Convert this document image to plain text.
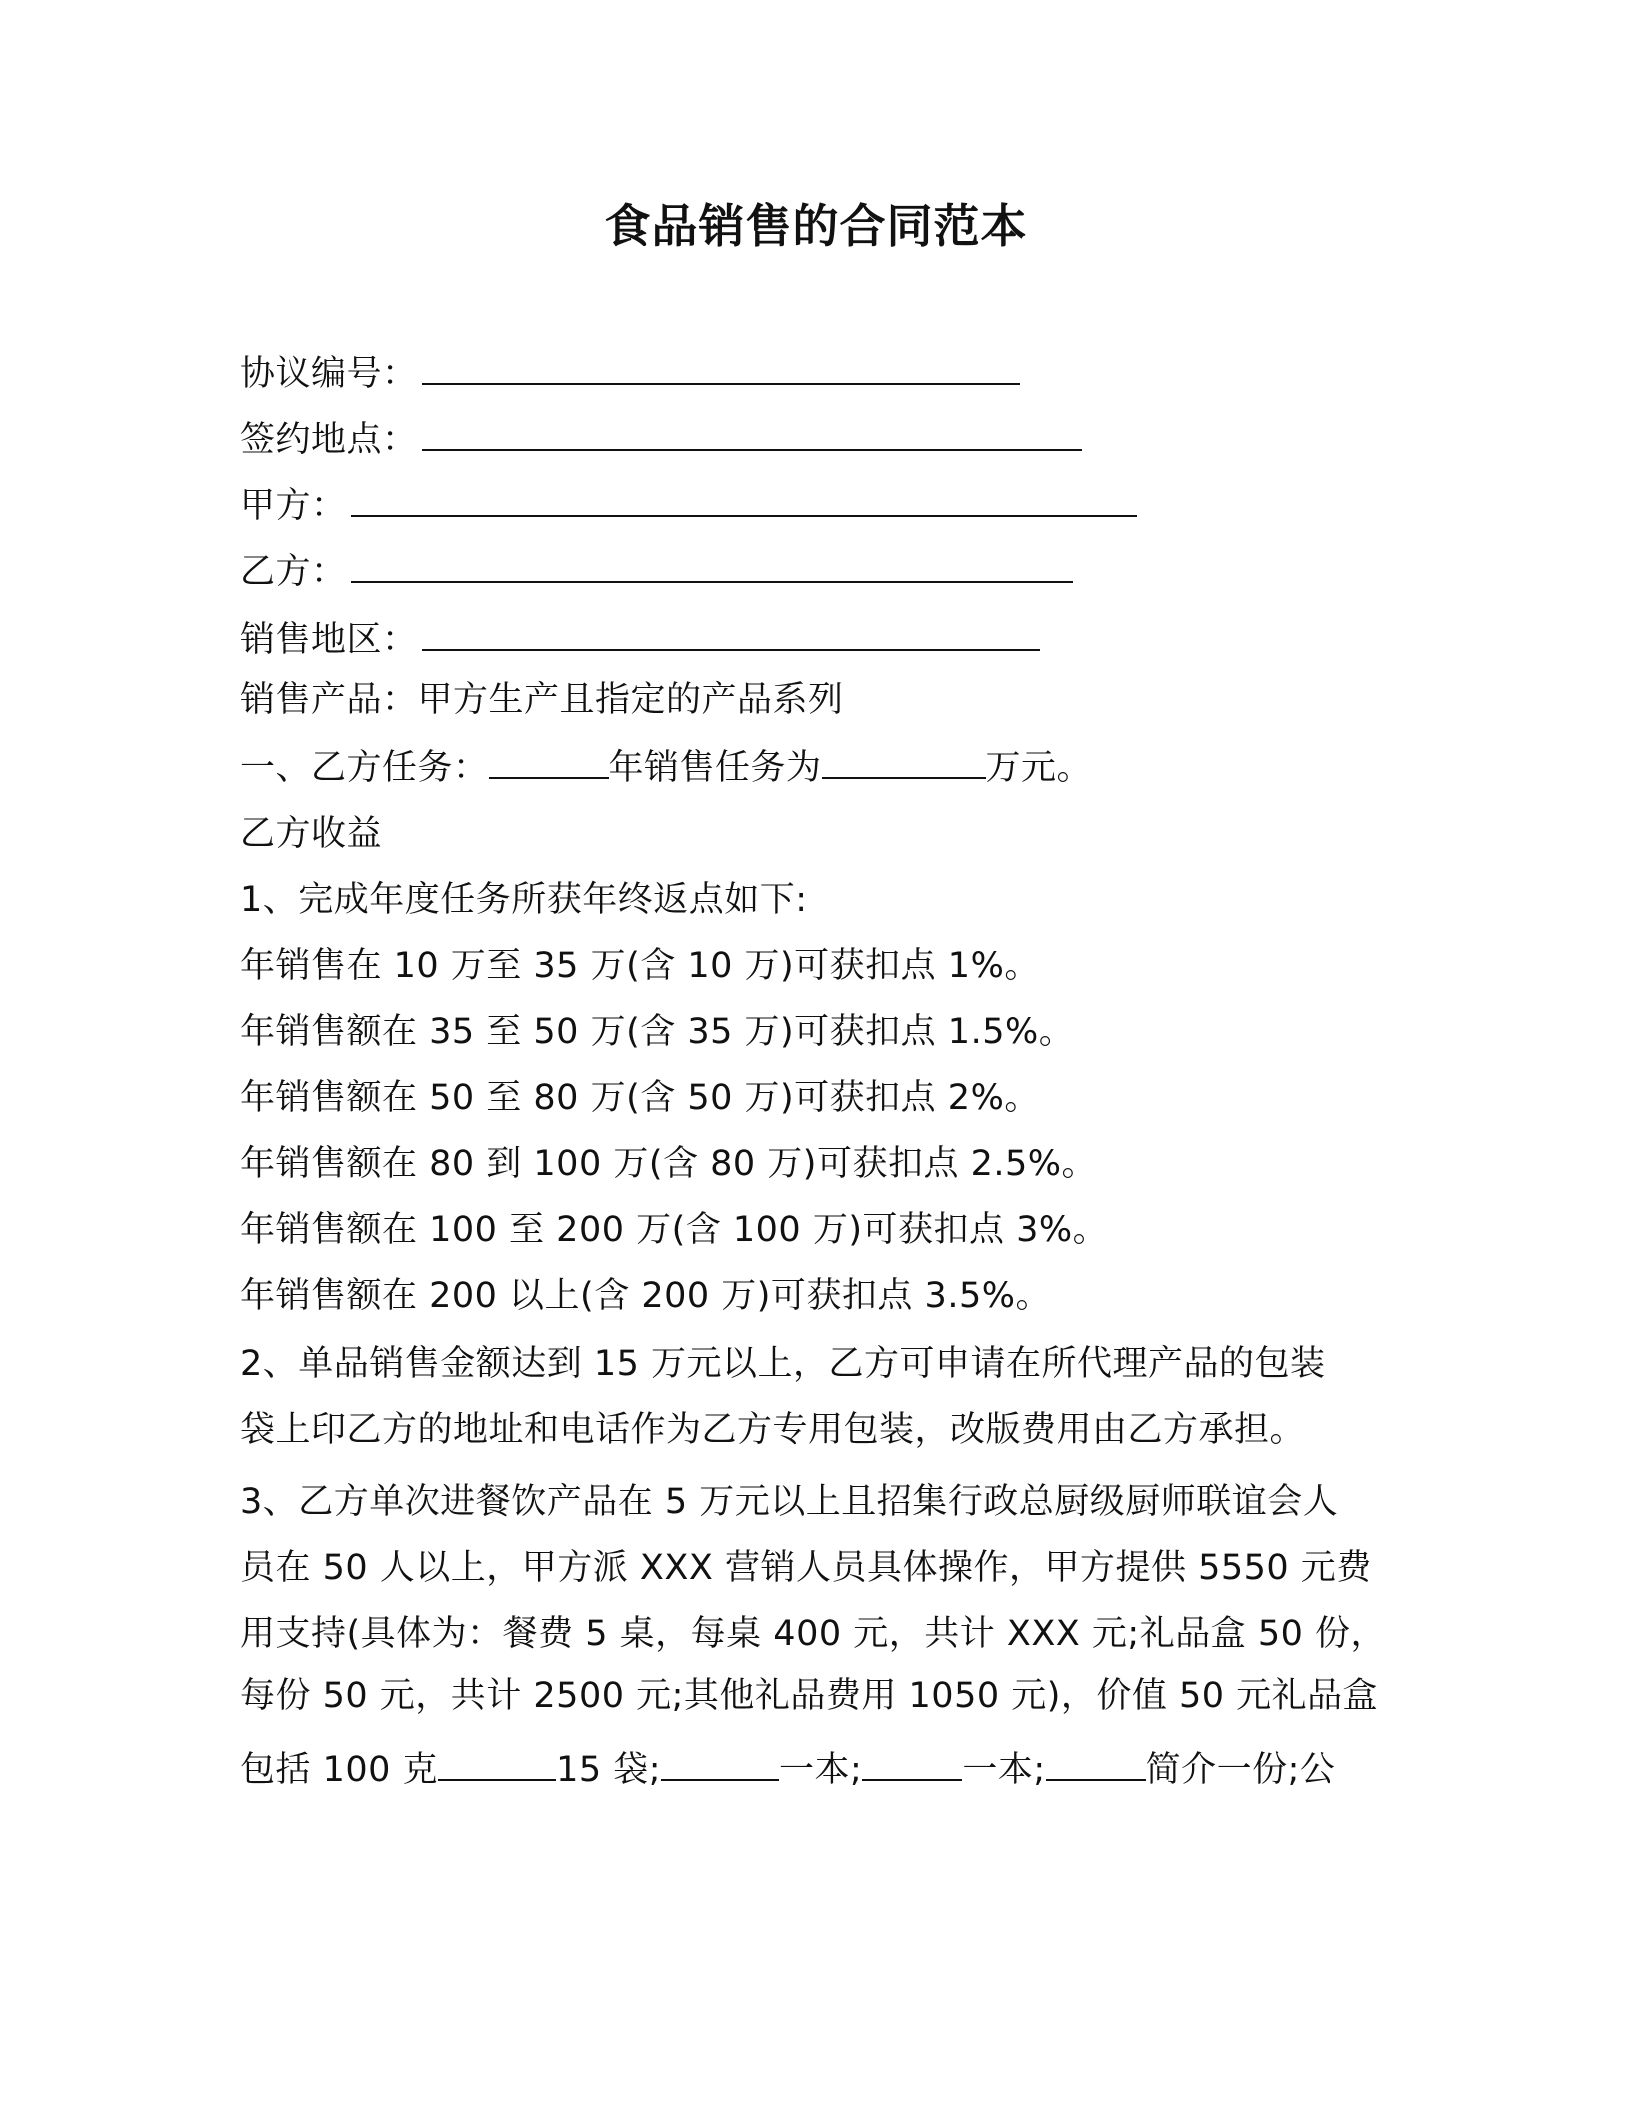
食品销售的合同范本
协议编号：
签约地点：
甲方：
乙方：
销售地区：
销售产品：甲方生产且指定的产品系列
一、乙方任务：	年销售任务为	万元。
乙方收益
1、完成年度任务所获年终返点如下:
年销售在 10 万至 35 万(含 10 万)可获扣点 1%。
年销售额在 35 至 50 万(含 35 万)可获扣点 1.5%。
年销售额在 50 至 80 万(含 50 万)可获扣点 2%。
年销售额在 80 到 100 万(含 80 万)可获扣点 2.5%。
年销售额在 100 至 200 万(含 100 万)可获扣点 3%。
年销售额在 200 以上(含 200 万)可获扣点 3.5%。
2、单品销售金额达到 15 万元以上，乙方可申请在所代理产品的包装
袋上印乙方的地址和电话作为乙方专用包装，改版费用由乙方承担。
3、乙方单次进餐饮产品在 5 万元以上且招集行政总厨级厨师联谊会人
员在 50 人以上，甲方派 XXX 营销人员具体操作，甲方提供 5550 元费
用支持(具体为：餐费 5 桌，每桌 400 元，共计 XXX 元;礼品盒 50 份，
每份 50 元，共计 2500 元;其他礼品费用 1050 元)，价值 50 元礼品盒
包括 100 克	15 袋;	一本;	一本;	简介一份;公
